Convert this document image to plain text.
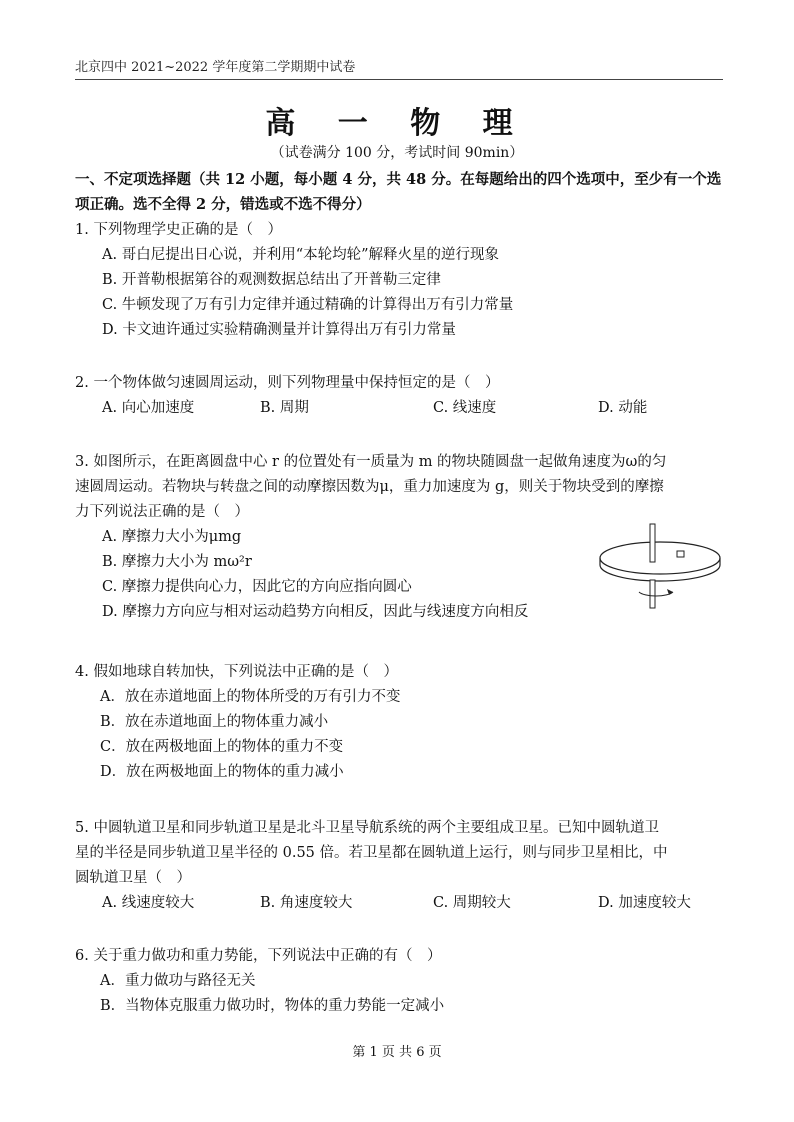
北京四中 2021~2022 学年度第二学期期中试卷
高 一 物 理
（试卷满分 100 分，考试时间 90min）
一、不定项选择题（共 12 小题，每小题 4 分，共 48 分。在每题给出的四个选项中，至少有一个选项正确。选不全得 2 分，错选或不选不得分）

1. 下列物理学史正确的是（　）

A. 哥白尼提出日心说，并利用“本轮均轮”解释火星的逆行现象

B. 开普勒根据第谷的观测数据总结出了开普勒三定律

C. 牛顿发现了万有引力定律并通过精确的计算得出万有引力常量

D. 卡文迪许通过实验精确测量并计算得出万有引力常量

2. 一个物体做匀速圆周运动，则下列物理量中保持恒定的是（　）

A. 向心加速度	B. 周期	C. 线速度	D. 动能

3. 如图所示，在距离圆盘中心 r 的位置处有一质量为 m 的物块随圆盘一起做角速度为ω的匀

速圆周运动。若物块与转盘之间的动摩擦因数为μ，重力加速度为 g，则关于物块受到的摩擦

力下列说法正确的是（　）

A. 摩擦力大小为μmg

B. 摩擦力大小为 mω²r

C. 摩擦力提供向心力，因此它的方向应指向圆心

D. 摩擦力方向应与相对运动趋势方向相反，因此与线速度方向相反

4. 假如地球自转加快，下列说法中正确的是（　）

A．放在赤道地面上的物体所受的万有引力不变

B．放在赤道地面上的物体重力减小

C．放在两极地面上的物体的重力不变

D．放在两极地面上的物体的重力减小

5. 中圆轨道卫星和同步轨道卫星是北斗卫星导航系统的两个主要组成卫星。已知中圆轨道卫

星的半径是同步轨道卫星半径的 0.55 倍。若卫星都在圆轨道上运行，则与同步卫星相比，中

圆轨道卫星（　）

A. 线速度较大	B. 角速度较大	C. 周期较大	D. 加速度较大

6. 关于重力做功和重力势能，下列说法中正确的有（　）

A．重力做功与路径无关

B．当物体克服重力做功时，物体的重力势能一定减小

第 1 页 共 6 页
